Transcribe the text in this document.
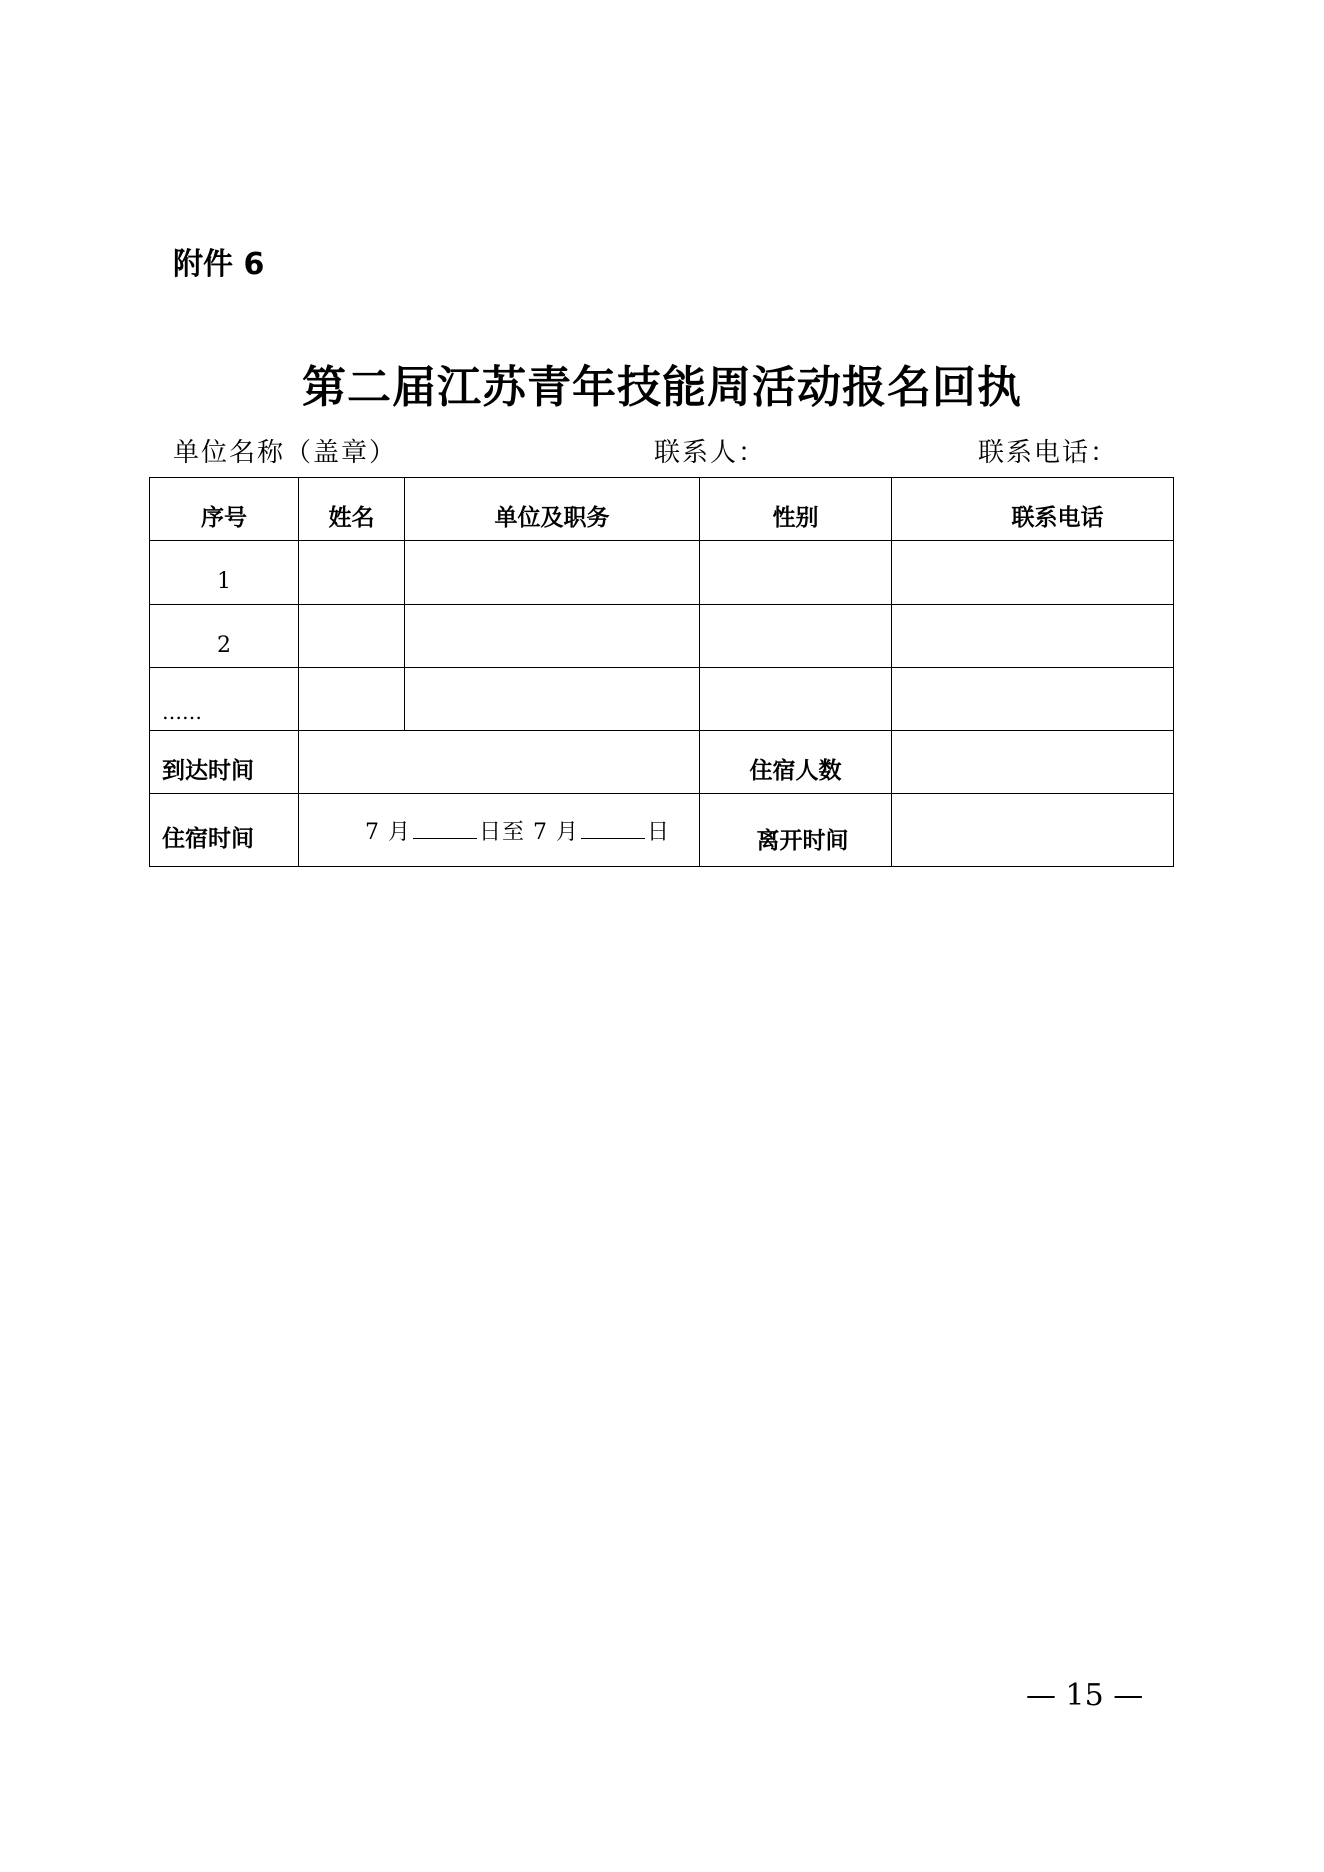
附件 6
第二届江苏青年技能周活动报名回执
单位名称（盖章）	联系人：	联系电话：
序号	姓名	单位及职务	性别	联系电话
1				
2				
……				
到达时间			住宿人数	
住宿时间	7 月 日至 7 月 日		离开时间	
— 15 —
